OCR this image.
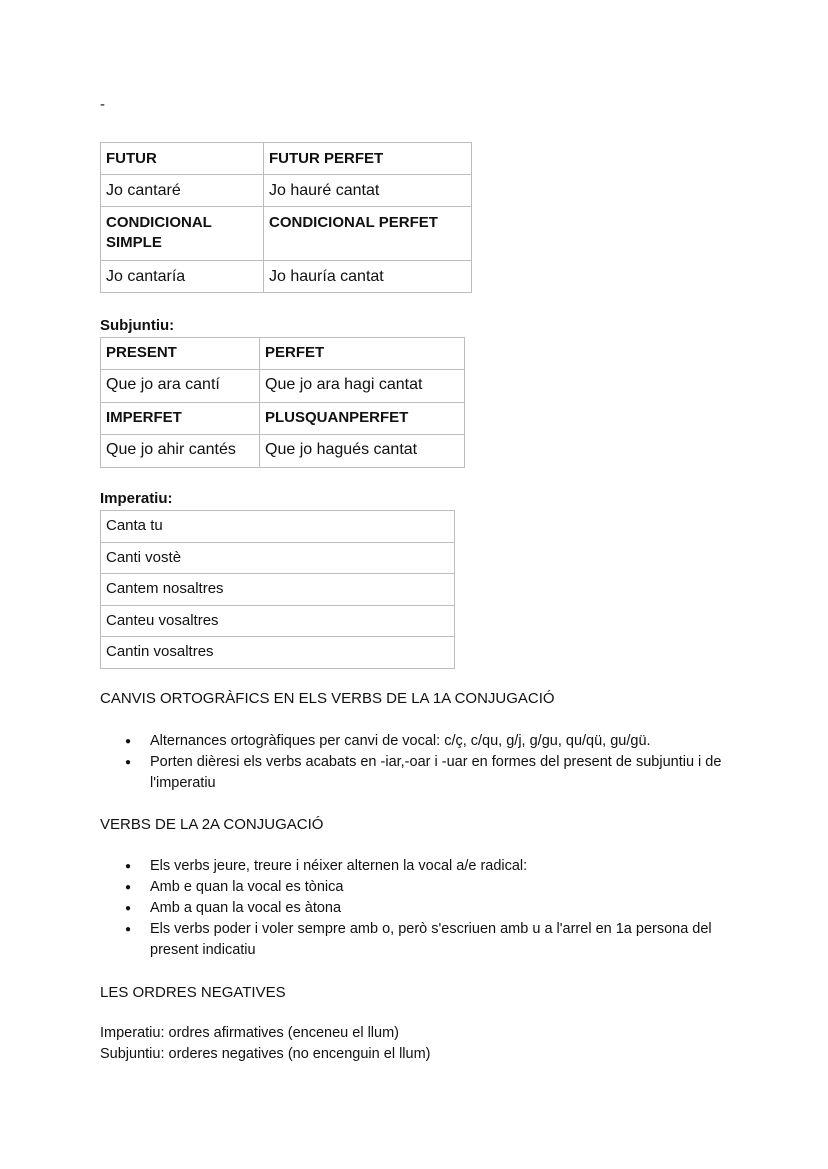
-
FUTUR	FUTUR PERFET
Jo cantaré	Jo hauré cantat
CONDICIONAL SIMPLE	CONDICIONAL PERFET
Jo cantaría	Jo hauría cantat
Subjuntiu:
PRESENT	PERFET
Que jo ara cantí	Que jo ara hagi cantat
IMPERFET	PLUSQUANPERFET
Que jo ahir cantés	Que jo hagués cantat
Imperatiu:
Canta tu
Canti vostè
Cantem nosaltres
Canteu vosaltres
Cantin vosaltres
CANVIS ORTOGRÀFICS EN ELS VERBS DE LA 1A CONJUGACIÓ
● Alternances ortogràfiques per canvi de vocal: c/ç, c/qu, g/j, g/gu, qu/qü, gu/gü.
● Porten dièresi els verbs acabats en -iar,-oar i -uar en formes del present de subjuntiu i de l'imperatiu
VERBS DE LA 2A CONJUGACIÓ
● Els verbs jeure, treure i néixer alternen la vocal a/e radical:
● Amb e quan la vocal es tònica
● Amb a quan la vocal es àtona
● Els verbs poder i voler sempre amb o, però s'escriuen amb u a l'arrel en 1a persona del present indicatiu
LES ORDRES NEGATIVES
Imperatiu: ordres afirmatives (enceneu el llum)
Subjuntiu: orderes negatives (no encenguin el llum)
